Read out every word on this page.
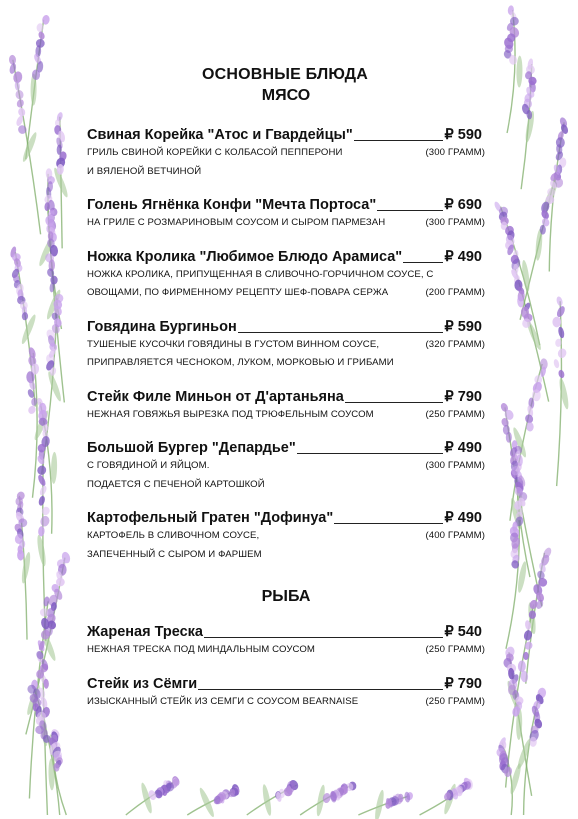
ОСНОВНЫЕ БЛЮДА
МЯСО
Свиная Корейка "Атос и Гвардейцы"	₽ 590
ГРИЛЬ СВИНОЙ КОРЕЙКИ С КОЛБАСОЙ ПЕППЕРОНИ	(300 ГРАММ)
И ВЯЛЕНОЙ ВЕТЧИНОЙ
Голень Ягнёнка Конфи "Мечта Портоса"	₽ 690
НА ГРИЛЕ С РОЗМАРИНОВЫМ СОУСОМ И СЫРОМ ПАРМЕЗАН	(300 ГРАММ)
Ножка Кролика "Любимое Блюдо Арамиса"	₽ 490
НОЖКА КРОЛИКА, ПРИПУЩЕННАЯ В СЛИВОЧНО-ГОРЧИЧНОМ СОУСЕ, С
ОВОЩАМИ, ПО ФИРМЕННОМУ РЕЦЕПТУ ШЕФ-ПОВАРА СЕРЖА	(200 ГРАММ)
Говядина Бургиньон	₽ 590
ТУШЕНЫЕ КУСОЧКИ ГОВЯДИНЫ В ГУСТОМ ВИННОМ СОУСЕ,	(320 ГРАММ)
ПРИПРАВЛЯЕТСЯ ЧЕСНОКОМ, ЛУКОМ, МОРКОВЬЮ И ГРИБАМИ
Стейк Филе Миньон от Д'артаньяна	₽ 790
НЕЖНАЯ ГОВЯЖЬЯ ВЫРЕЗКА ПОД ТРЮФЕЛЬНЫМ СОУСОМ	(250 ГРАММ)
Большой Бургер "Депардье"	₽ 490
С ГОВЯДИНОЙ И ЯЙЦОМ.	(300 ГРАММ)
ПОДАЕТСЯ С ПЕЧЕНОЙ КАРТОШКОЙ
Картофельный Гратен "Дофинуа"	₽ 490
КАРТОФЕЛЬ В СЛИВОЧНОМ СОУСЕ,	(400 ГРАММ)
ЗАПЕЧЕННЫЙ С СЫРОМ И ФАРШЕМ
РЫБА
Жареная Треска	₽ 540
НЕЖНАЯ ТРЕСКА ПОД МИНДАЛЬНЫМ СОУСОМ	(250 ГРАММ)
Стейк из Сёмги	₽ 790
ИЗЫСКАННЫЙ СТЕЙК ИЗ СЕМГИ С СОУСОМ BEARNAISE	(250 ГРАММ)
